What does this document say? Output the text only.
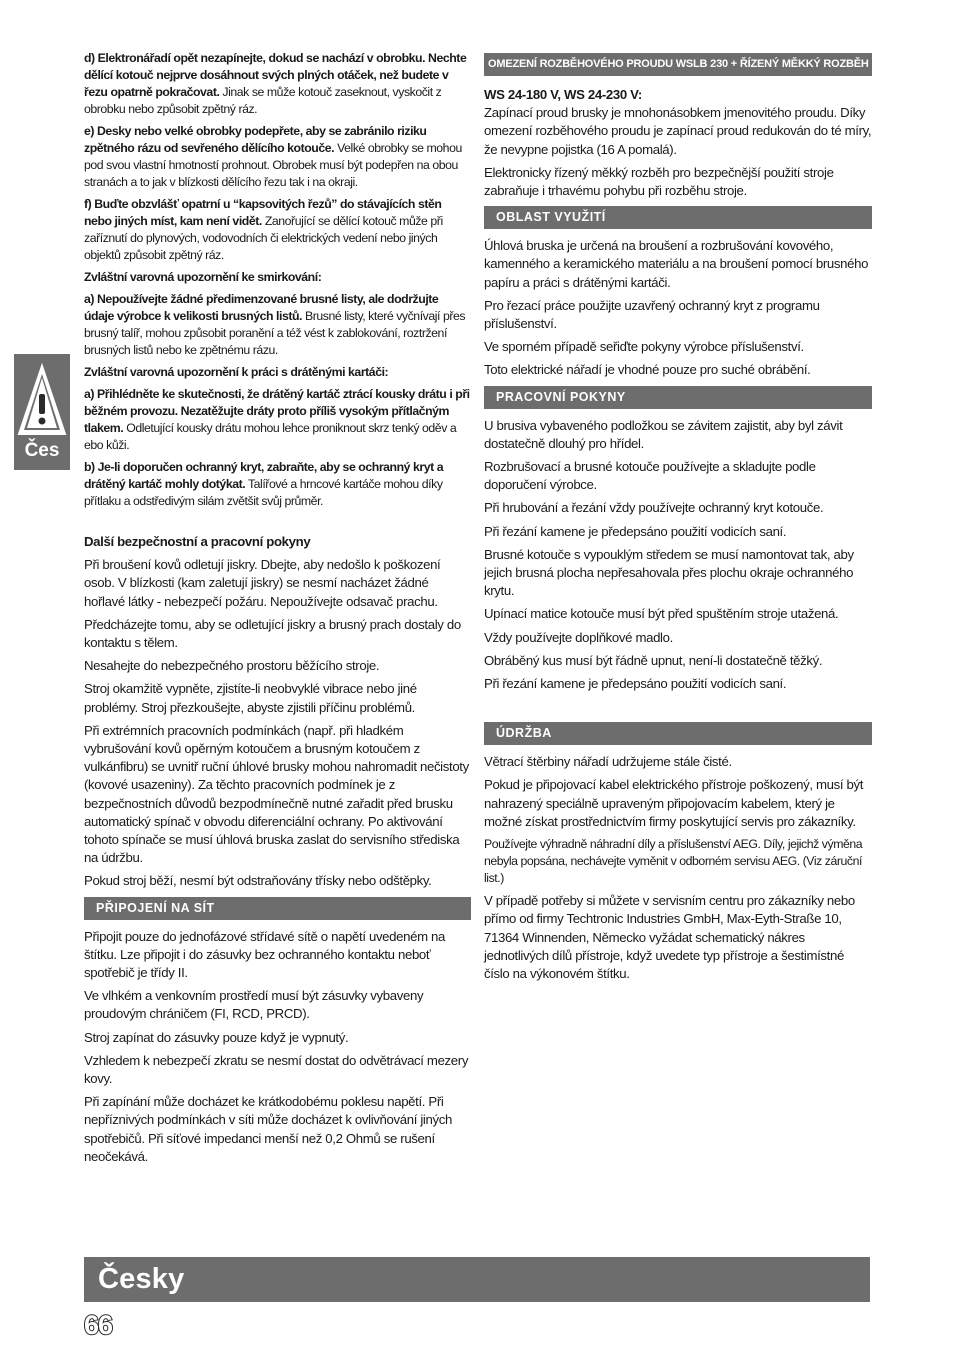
Čes

d) Elektronářadí opět nezapínejte, dokud se nachází v obrobku. Nechte dělící kotouč nejprve dosáhnout svých plných otáček, než budete v řezu opatrně pokračovat. Jinak se může kotouč zaseknout, vyskočit z obrobku nebo způsobit zpětný ráz.

e) Desky nebo velké obrobky podepřete, aby se zabránilo riziku zpětného rázu od sevřeného dělícího kotouče. Velké obrobky se mohou pod svou vlastní hmotností prohnout. Obrobek musí být podepřen na obou stranách a to jak v blízkosti dělícího řezu tak i na okraji.

f) Buďte obzvlášť opatrní u “kapsovitých řezů” do stávajících stěn nebo jiných míst, kam není vidět. Zanořující se dělící kotouč může při zaříznutí do plynových, vodovodních či elektrických vedení nebo jiných objektů způsobit zpětný ráz.

Zvláštní varovná upozornění ke smirkování:

a) Nepoužívejte žádné předimenzované brusné listy, ale dodržujte údaje výrobce k velikosti brusných listů. Brusné listy, které vyčnívají přes brusný talíř, mohou způsobit poranění a též vést k zablokování, roztržení brusných listů nebo ke zpětnému rázu.

Zvláštní varovná upozornění k práci s drátěnými kartáči:

a) Přihlédněte ke skutečnosti, že drátěný kartáč ztrácí kousky drátu i při běžném provozu. Nezatěžujte dráty proto příliš vysokým přítlačným tlakem. Odletující kousky drátu mohou lehce proniknout skrz tenký oděv a ebo kůži.

b) Je-li doporučen ochranný kryt, zabraňte, aby se ochranný kryt a drátěný kartáč mohly dotýkat. Talířové a hrncové kartáče mohou díky přítlaku a odstředivým silám zvětšit svůj průměr.

Další bezpečnostní a pracovní pokyny

Při broušení kovů odletují jiskry. Dbejte, aby nedošlo k poškození osob. V blízkosti (kam zaletují jiskry) se nesmí nacházet žádné hořlavé látky - nebezpečí požáru. Nepoužívejte odsavač prachu.

Předcházejte tomu, aby se odletující jiskry a brusný prach dostaly do kontaktu s tělem.

Nesahejte do nebezpečného prostoru běžícího stroje.

Stroj okamžitě vypněte, zjistíte-li neobvyklé vibrace nebo jiné problémy. Stroj přezkoušejte, abyste zjistili příčinu problémů.

Při extrémních pracovních podmínkách (např. při hladkém vybrušování kovů opěrným kotoučem a brusným kotoučem z vulkánfibru) se uvnitř ruční úhlové brusky mohou nahromadit nečistoty (kovové usazeniny). Za těchto pracovních podmínek je z bezpečnostních důvodů bezpodmínečně nutné zařadit před brusku automatický spínač v obvodu diferenciální ochrany. Po aktivování tohoto spínače se musí úhlová bruska zaslat do servisního střediska na údržbu.

Pokud stroj běží, nesmí být odstraňovány třísky nebo odštěpky.

PŘIPOJENÍ NA SÍT

Připojit pouze do jednofázové střídavé sítě o napětí uvedeném na štítku. Lze připojit i do zásuvky bez ochranného kontaktu neboť spotřebič je třídy II.

Ve vlhkém a venkovním prostředí musí být zásuvky vybaveny proudovým chráničem (FI, RCD, PRCD).

Stroj zapínat do zásuvky pouze když je vypnutý.

Vzhledem k nebezpečí zkratu se nesmí dostat do odvětrávací mezery kovy.

Při zapínání může docházet ke krátkodobému poklesu napětí. Při nepříznivých podmínkách v síti může docházet k ovlivňování jiných spotřebičů. Při síťové impedanci menší než 0,2 Ohmů se rušení neočekává.

OMEZENÍ ROZBĚHOVÉHO PROUDU WSLB 230 + ŘÍZENÝ MĚKKÝ ROZBĚH

WS 24-180 V, WS 24-230 V:

Zapínací proud brusky je mnohonásobkem jmenovitého proudu. Díky omezení rozběhového proudu je zapínací proud redukován do té míry, že nevypne pojistka (16 A pomalá).

Elektronicky řízený měkký rozběh pro bezpečnější použití stroje zabraňuje i trhavému pohybu při rozběhu stroje.

OBLAST VYUŽITÍ

Úhlová bruska je určená na broušení a rozbrušování kovového, kamenného a keramického materiálu a na broušení pomocí brusného papíru a práci s drátěnými kartáči.

Pro řezací práce použijte uzavřený ochranný kryt z programu příslušenství.

Ve sporném případě seřiďte pokyny výrobce příslušenství.

Toto elektrické nářadí je vhodné pouze pro suché obrábění.

PRACOVNÍ POKYNY

U brusiva vybaveného podložkou se závitem zajistit, aby byl závit dostatečně dlouhý pro hřídel.

Rozbrušovací a brusné kotouče používejte a skladujte podle doporučení výrobce.

Při hrubování a řezání vždy používejte ochranný kryt kotouče.

Při řezání kamene je předepsáno použití vodicích saní.

Brusné kotouče s vypouklým středem se musí namontovat tak, aby jejich brusná plocha nepřesahovala přes plochu okraje ochranného krytu.

Upínací matice kotouče musí být před spuštěním stroje utažená.

Vždy používejte doplňkové madlo.

Obráběný kus musí být řádně upnut, není-li dostatečně těžký.

Při řezání kamene je předepsáno použití vodicích saní.

ÚDRŽBA

Větrací štěrbiny nářadí udržujeme stále čisté.

Pokud je připojovací kabel elektrického přístroje poškozený, musí být nahrazený speciálně upraveným připojovacím kabelem, který je možné získat prostřednictvím firmy poskytující servis pro zákazníky.

Používejte výhradně náhradní díly a příslušenství AEG. Díly, jejichž výměna nebyla popsána, nechávejte vyměnit v odborném servisu AEG. (Viz záruční list.)

V případě potřeby si můžete v servisním centru pro zákazníky nebo přímo od firmy Techtronic Industries GmbH, Max-Eyth-Straße 10, 71364 Winnenden, Německo vyžádat schematický nákres jednotlivých dílů přístroje, když uvedete typ přístroje a šestimístné číslo na výkonovém štítku.

Česky
66
